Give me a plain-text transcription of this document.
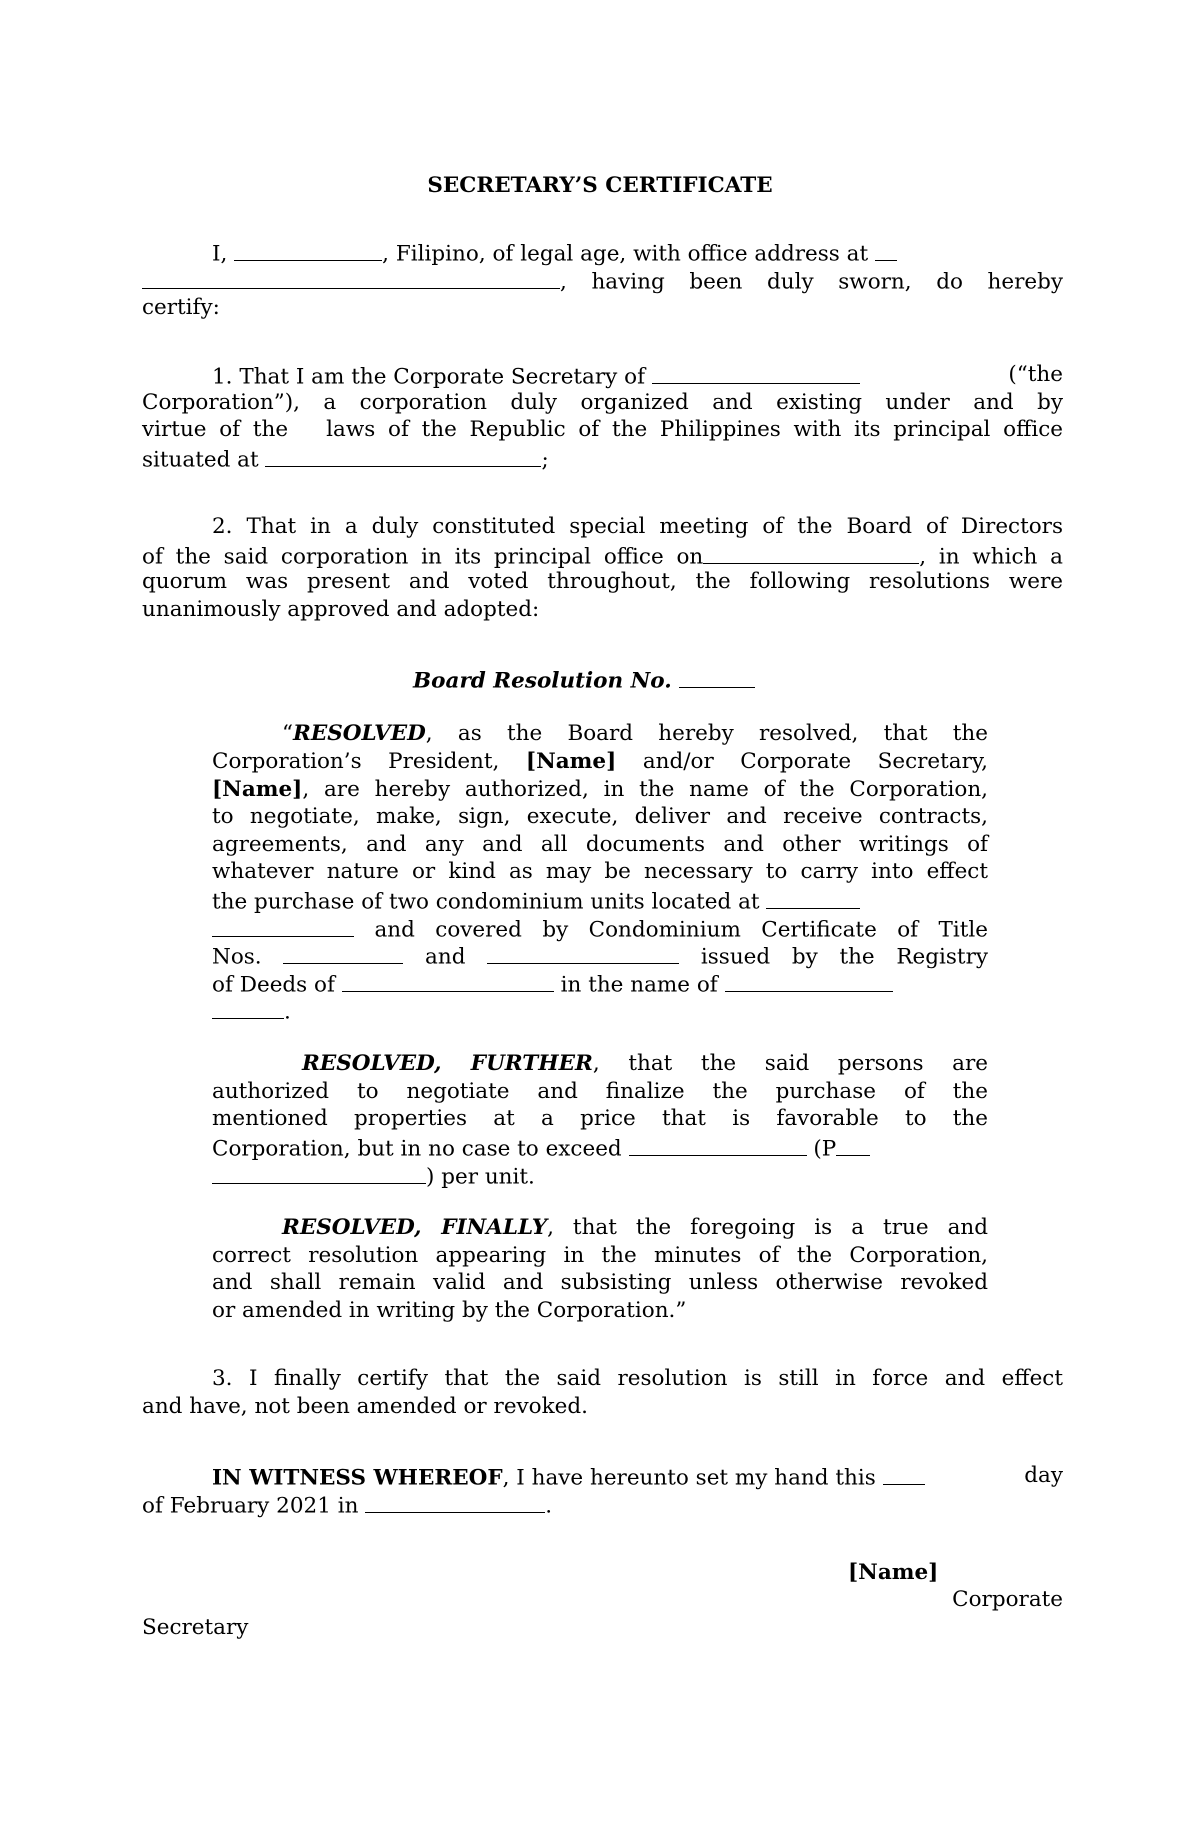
SECRETARY’S CERTIFICATE

I,	, Filipino, of legal age, with office address at
, having been duly sworn, do hereby
certify:
1. That I am the Corporate Secretary of	(“the
Corporation”), a corporation duly organized and existing under and by
virtue of the   laws of the Republic of the Philippines with its principal office
situated at	;
2. That in a duly constituted special meeting of the Board of Directors
of the said corporation in its principal office on	, in which a
quorum was present and voted throughout, the following resolutions were
unanimously approved and adopted:
Board Resolution No.
“RESOLVED, as the Board hereby resolved, that the
Corporation’s President, [Name] and/or Corporate Secretary,
[Name], are hereby authorized, in the name of the Corporation,
to negotiate, make, sign, execute, deliver and receive contracts,
agreements, and any and all documents and other writings of
whatever nature or kind as may be necessary to carry into effect
the purchase of two condominium units located at
and covered by Condominium Certificate of Title
Nos.	and	issued by the Registry
of Deeds of	in the name of
.
RESOLVED, FURTHER, that the said persons are
authorized to negotiate and finalize the purchase of the
mentioned properties at a price that is favorable to the
Corporation, but in no case to exceed	(P
) per unit.
RESOLVED, FINALLY, that the foregoing is a true and
correct resolution appearing in the minutes of the Corporation,
and shall remain valid and subsisting unless otherwise revoked
or amended in writing by the Corporation.”
3. I finally certify that the said resolution is still in force and effect
and have, not been amended or revoked.
IN WITNESS WHEREOF, I have hereunto set my hand this	day
of February 2021 in	.
[Name]
Corporate
Secretary
